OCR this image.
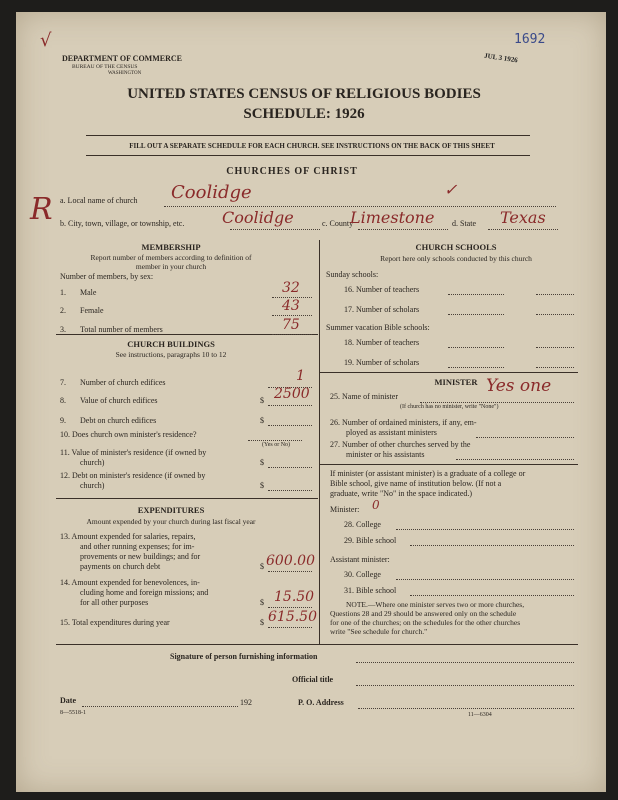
1692
JUL 3 1926
√
DEPARTMENT OF COMMERCE
BUREAU OF THE CENSUS
WASHINGTON
UNITED STATES CENSUS OF RELIGIOUS BODIES
SCHEDULE: 1926
FILL OUT A SEPARATE SCHEDULE FOR EACH CHURCH. SEE INSTRUCTIONS ON THE BACK OF THIS SHEET
CHURCHES OF CHRIST
R a. Local name of church Coolidge	✓
b. City, town, village, or township, etc. Coolidge	c. County
Limestone d. State Texas
MEMBERSHIP
Report number of members according to definition of
member in your church
Number of members, by sex:
CHURCH BUILDINGS
See instructions, paragraphs 10 to 12
10. Does church own minister's residence?
(Yes or No)
11. Value of minister's residence (if owned by
church)	$
12. Debt on minister's residence (if owned by
church)	$
EXPENDITURES
Amount expended by your church during last fiscal year
13. Amount expended for salaries, repairs,
and other running expenses; for im-
provements or new buildings; and for
payments on church debt	$ 600.00
14. Amount expended for benevolences, in-
cluding home and foreign missions; and
for all other purposes	$ 15.50
15. Total expenditures during year	$ 615.50
CHURCH SCHOOLS
Report here only schools conducted by this church
Sunday schools:
16. Number of teachers
17. Number of scholars
Summer vacation Bible schools:
18. Number of teachers
19. Number of scholars
MINISTER
25. Name of minister
Yes one
(If church has no minister, write "None")
26. Number of ordained ministers, if any, em-
ployed as assistant ministers
27. Number of other churches served by the
minister or his assistants
If minister (or assistant minister) is a graduate of a college or
Bible school, give name of institution below. (If not a
graduate, write "No" in the space indicated.)
Minister: 0
28. College
29. Bible school
Assistant minister:
30. College
31. Bible school
NOTE.—Where one minister serves two or more churches,
Questions 28 and 29 should be answered only on the schedule
for one of the churches; on the schedules for the other churches
write "See schedule for church."
Signature of person furnishing information
Official title
Date	192	P. O. Address
8—5518-1	11—6304
1. Male	32
2. Female	43
3. Total number of members	75
7. Number of church edifices	1
8. Value of church edifices	$ 2500
9. Debt on church edifices	$
